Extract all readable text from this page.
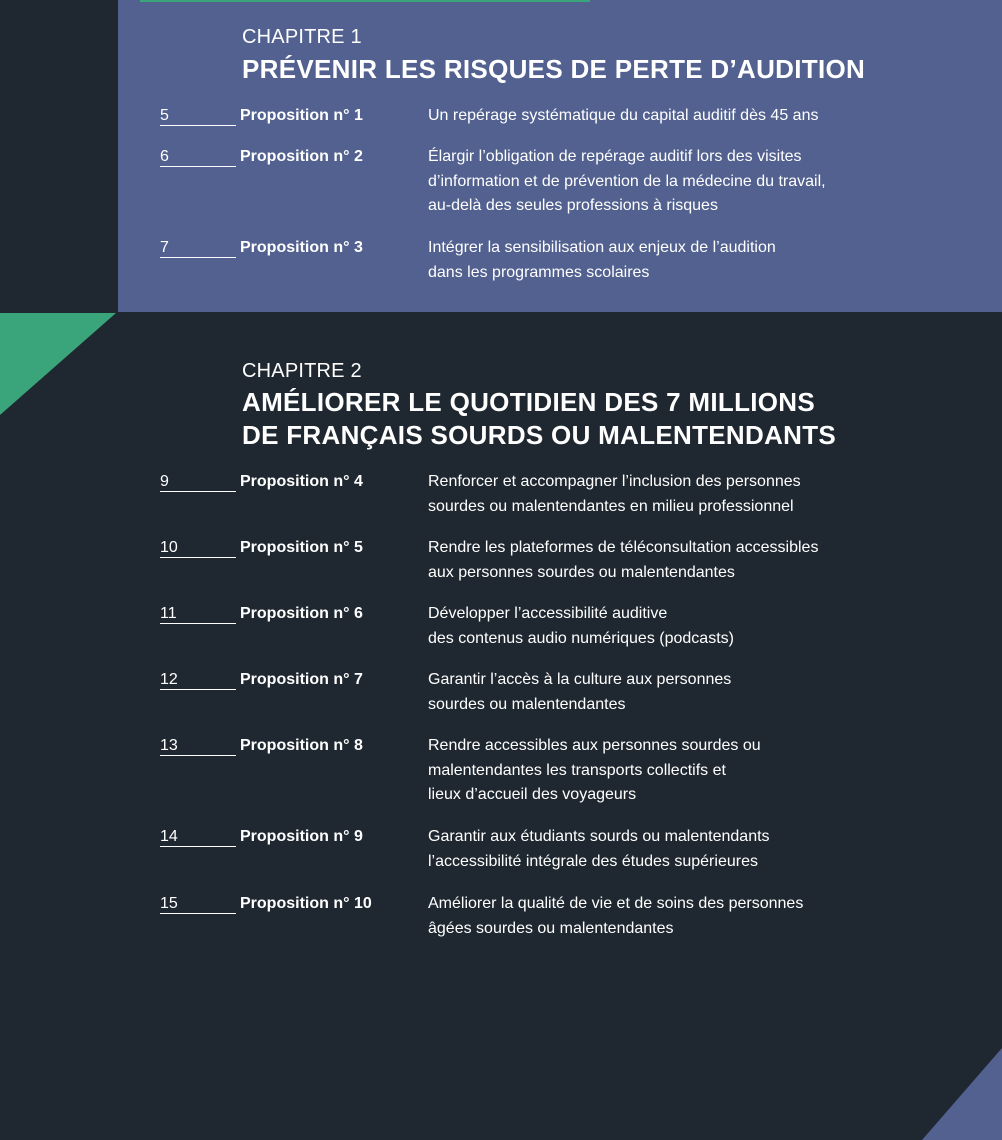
CHAPITRE 1
PRÉVENIR LES RISQUES DE PERTE D’AUDITION
5	Proposition n° 1	Un repérage systématique du capital auditif dès 45 ans
6	Proposition n° 2	Élargir l’obligation de repérage auditif lors des visites
d’information et de prévention de la médecine du travail,
au-delà des seules professions à risques
7	Proposition n° 3	Intégrer la sensibilisation aux enjeux de l’audition
dans les programmes scolaires
CHAPITRE 2
AMÉLIORER LE QUOTIDIEN DES 7 MILLIONS
DE FRANÇAIS SOURDS OU MALENTENDANTS
9	Proposition n° 4	Renforcer et accompagner l’inclusion des personnes
sourdes ou malentendantes en milieu professionnel
10	Proposition n° 5	Rendre les plateformes de téléconsultation accessibles
aux personnes sourdes ou malentendantes
11	Proposition n° 6	Développer l’accessibilité auditive
des contenus audio numériques (podcasts)
12	Proposition n° 7	Garantir l’accès à la culture aux personnes
sourdes ou malentendantes
13	Proposition n° 8	Rendre accessibles aux personnes sourdes ou
malentendantes les transports collectifs et
lieux d’accueil des voyageurs
14	Proposition n° 9	Garantir aux étudiants sourds ou malentendants
l’accessibilité intégrale des études supérieures
15	Proposition n° 10	Améliorer la qualité de vie et de soins des personnes
âgées sourdes ou malentendantes
